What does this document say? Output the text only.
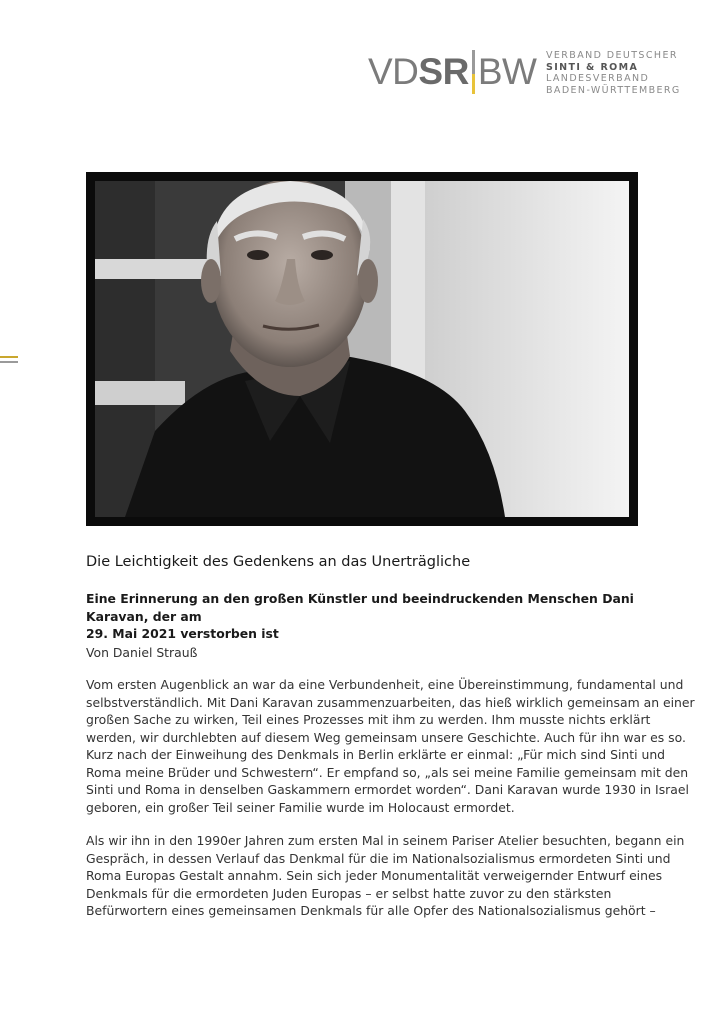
VDSR BW VERBAND DEUTSCHER
SINTI & ROMA
LANDESVERBAND
BADEN-WÜRTTEMBERG
Die Leichtigkeit des Gedenkens an das Unerträgliche
Eine Erinnerung an den großen Künstler und beeindruckenden Menschen Dani Karavan, der am
29. Mai 2021 verstorben ist
Von Daniel Strauß
Vom ersten Augenblick an war da eine Verbundenheit, eine Übereinstimmung, fundamental und
selbstverständlich. Mit Dani Karavan zusammenzuarbeiten, das hieß wirklich gemeinsam an einer
großen Sache zu wirken, Teil eines Prozesses mit ihm zu werden. Ihm musste nichts erklärt
werden, wir durchlebten auf diesem Weg gemeinsam unsere Geschichte. Auch für ihn war es so.
Kurz nach der Einweihung des Denkmals in Berlin erklärte er einmal: „Für mich sind Sinti und
Roma meine Brüder und Schwestern“. Er empfand so, „als sei meine Familie gemeinsam mit den
Sinti und Roma in denselben Gaskammern ermordet worden“. Dani Karavan wurde 1930 in Israel
geboren, ein großer Teil seiner Familie wurde im Holocaust ermordet.
Als wir ihn in den 1990er Jahren zum ersten Mal in seinem Pariser Atelier besuchten, begann ein
Gespräch, in dessen Verlauf das Denkmal für die im Nationalsozialismus ermordeten Sinti und
Roma Europas Gestalt annahm. Sein sich jeder Monumentalität verweigernder Entwurf eines
Denkmals für die ermordeten Juden Europas – er selbst hatte zuvor zu den stärksten
Befürwortern eines gemeinsamen Denkmals für alle Opfer des Nationalsozialismus gehört –
